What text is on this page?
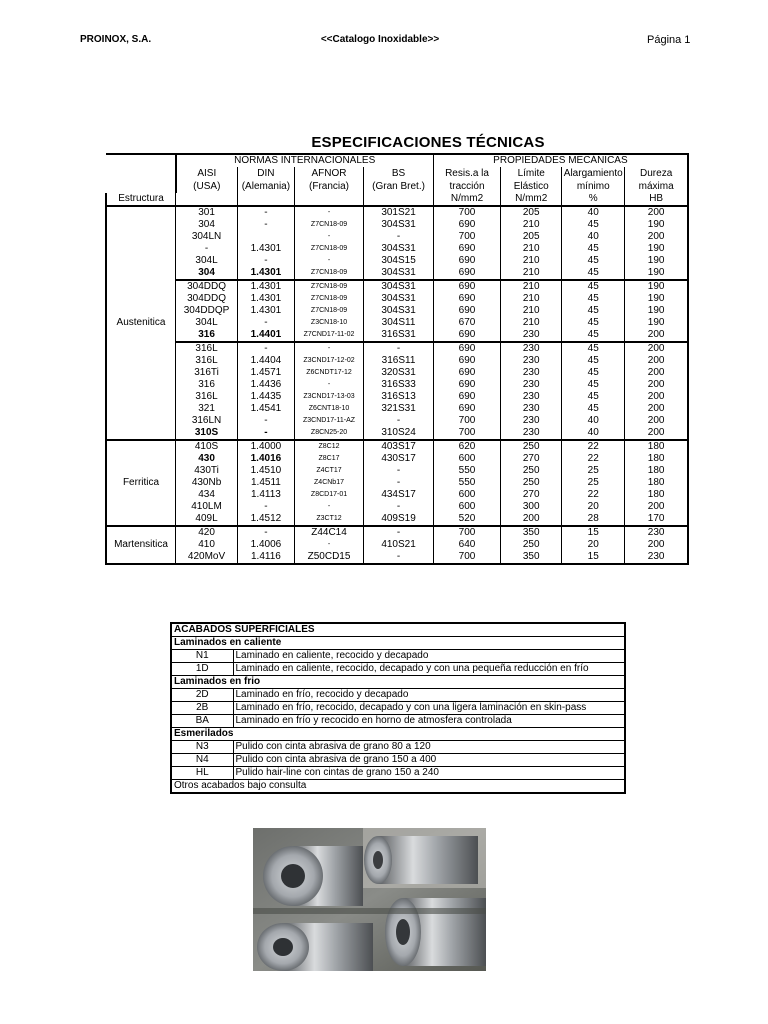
PROINOX, S.A.	<<Catalogo Inoxidable>>	Página 1
ESPECIFICACIONES TÉCNICAS
	NORMAS INTERNACIONALES				PROPIEDADES MECÁNICAS			
	AISI	DIN	AFNOR	BS	Resis.a la	Límite	Alargamiento	Dureza
	(USA)	(Alemania)	(Francia)	(Gran Bret.)	tracción	Elástico	mínimo	máxima
Estructura					N/mm2	N/mm2	%	HB
Austenitica	301	-	-	301S21	700	205	40	200
	304	-	Z7CN18-09	304S31	690	210	45	190
	304LN		-	-	700	205	40	200
	-	1.4301	Z7CN18-09	304S31	690	210	45	190
	304L	-	-	304S15	690	210	45	190
	304	1.4301	Z7CN18-09	304S31	690	210	45	190
	304DDQ	1.4301	Z7CN18-09	304S31	690	210	45	190
	304DDQ	1.4301	Z7CN18-09	304S31	690	210	45	190
	304DDQP	1.4301	Z7CN18-09	304S31	690	210	45	190
	304L	-	Z3CN18-10	304S11	670	210	45	190
	316	1.4401	Z7CND17-11-02	316S31	690	230	45	200
	316L	-	-	-	690	230	45	200
	316L	1.4404	Z3CND17-12-02	316S11	690	230	45	200
	316Ti	1.4571	Z6CNDT17-12	320S31	690	230	45	200
	316	1.4436	-	316S33	690	230	45	200
	316L	1.4435	Z3CND17-13-03	316S13	690	230	45	200
	321	1.4541	Z6CNT18-10	321S31	690	230	45	200
	316LN	-	Z3CND17-11-AZ	-	700	230	40	200
	310S	-	Z8CN25-20	310S24	700	230	40	200
Ferritica	410S	1.4000	Z8C12	403S17	620	250	22	180
	430	1.4016	Z8C17	430S17	600	270	22	180
	430Ti	1.4510	Z4CT17	-	550	250	25	180
	430Nb	1.4511	Z4CNb17	-	550	250	25	180
	434	1.4113	Z8CD17-01	434S17	600	270	22	180
	410LM	-	-	-	600	300	20	200
	409L	1.4512	Z3CT12	409S19	520	200	28	170
Martensitica	420	-	Z44C14	-	700	350	15	230
	410	1.4006	-	410S21	640	250	20	200
	420MoV	1.4116	Z50CD15	-	700	350	15	230
ACABADOS SUPERFICIALES	
Laminados en caliente	
N1	Laminado en caliente, recocido y decapado
1D	Laminado en caliente, recocido, decapado y con una pequeña reducción en frío
Laminados en frio	
2D	Laminado en frío, recocido y decapado
2B	Laminado en frío, recocido, decapado y con una ligera laminación en skin-pass
BA	Laminado en frío y recocido en horno de atmosfera controlada
Esmerilados	
N3	Pulido con cinta abrasiva de grano 80 a 120
N4	Pulido con cinta abrasiva de grano 150 a 400
HL	Pulido hair-line con cintas de grano 150 a 240
Otros acabados bajo consulta	
